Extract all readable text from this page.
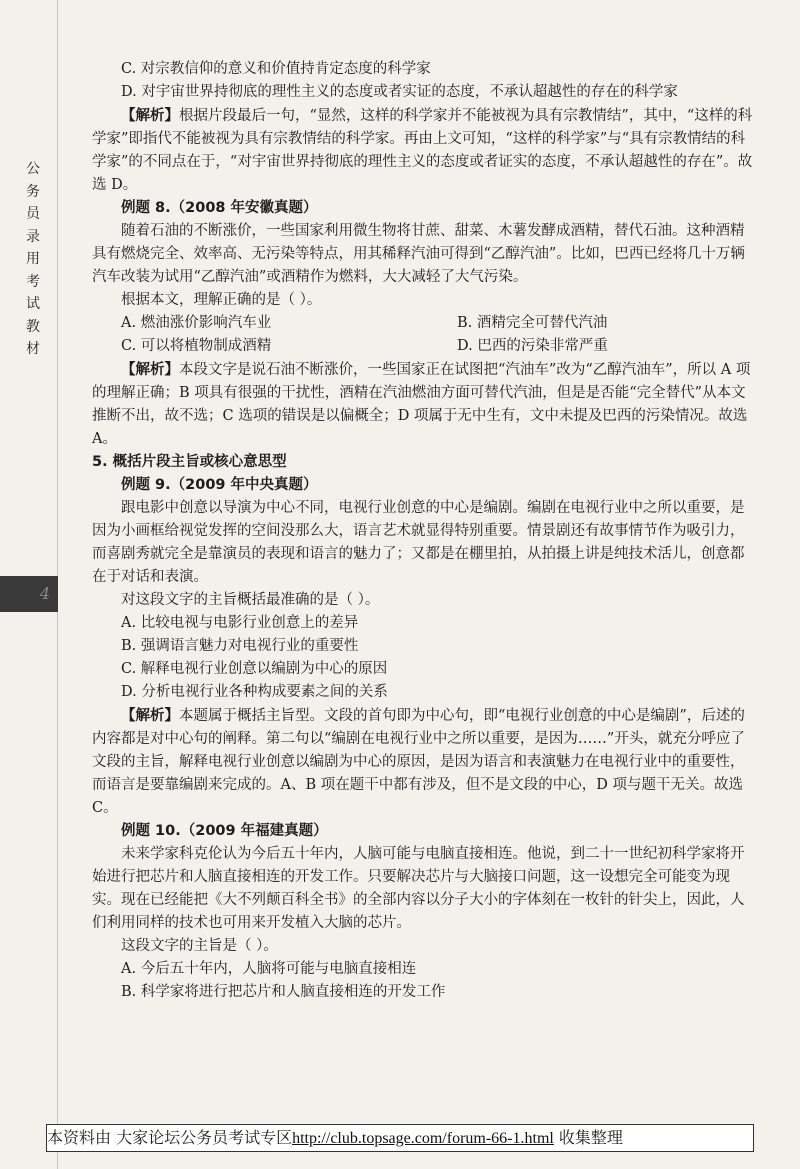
公务员录用考试教材
4

C. 对宗教信仰的意义和价值持肯定态度的科学家

D. 对宇宙世界持彻底的理性主义的态度或者实证的态度，不承认超越性的存在的科学家

【解析】根据片段最后一句，“显然，这样的科学家并不能被视为具有宗教情结”，其中，“这样的科学家”即指代不能被视为具有宗教情结的科学家。再由上文可知，“这样的科学家”与“具有宗教情结的科学家”的不同点在于，“对宇宙世界持彻底的理性主义的态度或者证实的态度，不承认超越性的存在”。故选 D。

例题 8.（2008 年安徽真题）

随着石油的不断涨价，一些国家利用微生物将甘蔗、甜菜、木薯发酵成酒精，替代石油。这种酒精具有燃烧完全、效率高、无污染等特点，用其稀释汽油可得到“乙醇汽油”。比如，巴西已经将几十万辆汽车改装为试用“乙醇汽油”或酒精作为燃料，大大减轻了大气污染。

根据本文，理解正确的是（ ）。

A. 燃油涨价影响汽车业	B. 酒精完全可替代汽油
C. 可以将植物制成酒精	D. 巴西的污染非常严重

【解析】本段文字是说石油不断涨价，一些国家正在试图把“汽油车”改为“乙醇汽油车”，所以 A 项的理解正确；B 项具有很强的干扰性，酒精在汽油燃油方面可替代汽油，但是是否能“完全替代”从本文推断不出，故不选；C 选项的错误是以偏概全；D 项属于无中生有，文中未提及巴西的污染情况。故选 A。

5. 概括片段主旨或核心意思型

例题 9.（2009 年中央真题）

跟电影中创意以导演为中心不同，电视行业创意的中心是编剧。编剧在电视行业中之所以重要，是因为小画框给视觉发挥的空间没那么大，语言艺术就显得特别重要。情景剧还有故事情节作为吸引力，而喜剧秀就完全是靠演员的表现和语言的魅力了；又都是在棚里拍，从拍摄上讲是纯技术活儿，创意都在于对话和表演。

对这段文字的主旨概括最准确的是（ ）。

A. 比较电视与电影行业创意上的差异

B. 强调语言魅力对电视行业的重要性

C. 解释电视行业创意以编剧为中心的原因

D. 分析电视行业各种构成要素之间的关系

【解析】本题属于概括主旨型。文段的首句即为中心句，即“电视行业创意的中心是编剧”，后述的内容都是对中心句的阐释。第二句以“编剧在电视行业中之所以重要，是因为……”开头，就充分呼应了文段的主旨，解释电视行业创意以编剧为中心的原因，是因为语言和表演魅力在电视行业中的重要性，而语言是要靠编剧来完成的。A、B 项在题干中都有涉及，但不是文段的中心，D 项与题干无关。故选 C。

例题 10.（2009 年福建真题）

未来学家科克伦认为今后五十年内，人脑可能与电脑直接相连。他说，到二十一世纪初科学家将开始进行把芯片和人脑直接相连的开发工作。只要解决芯片与大脑接口问题，这一设想完全可能变为现实。现在已经能把《大不列颠百科全书》的全部内容以分子大小的字体刻在一枚针的针尖上，因此，人们利用同样的技术也可用来开发植入大脑的芯片。

这段文字的主旨是（ ）。

A. 今后五十年内，人脑将可能与电脑直接相连

B. 科学家将进行把芯片和人脑直接相连的开发工作

本资料由 大家论坛公务员考试专区http://club.topsage.com/forum-66-1.html 收集整理
